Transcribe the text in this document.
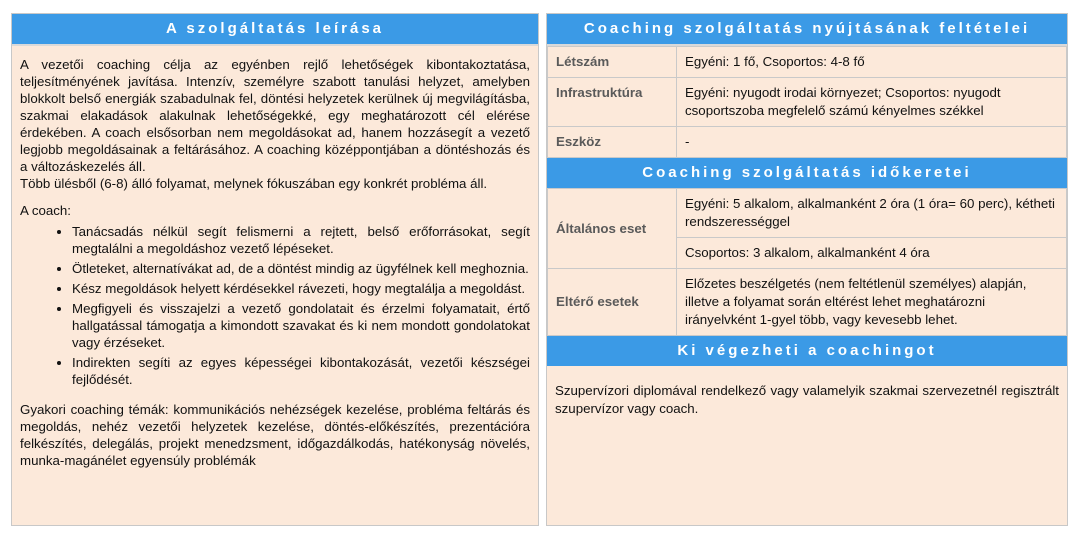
A szolgáltatás leírása

A vezetői coaching célja az egyénben rejlő lehetőségek kibontakoztatása, teljesítményének javítása. Intenzív, személyre szabott tanulási helyzet, amelyben blokkolt belső energiák szabadulnak fel, döntési helyzetek kerülnek új megvilágításba, szakmai elakadások alakulnak lehetőségekké, egy meghatározott cél elérése érdekében. A coach elsősorban nem megoldásokat ad, hanem hozzásegít a vezető legjobb megoldásainak a feltárásához. A coaching középpontjában a döntéshozás és a változáskezelés áll.

Több ülésből (6-8) álló folyamat, melynek fókuszában egy konkrét probléma áll.

A coach:

• Tanácsadás nélkül segít felismerni a rejtett, belső erőforrásokat, segít megtalálni a megoldáshoz vezető lépéseket.
• Ötleteket, alternatívákat ad, de a döntést mindig az ügyfélnek kell meghoznia.
• Kész megoldások helyett kérdésekkel rávezeti, hogy megtalálja a megoldást.
• Megfigyeli és visszajelzi a vezető gondolatait és érzelmi folyamatait, értő hallgatással támogatja a kimondott szavakat és ki nem mondott gondolatokat vagy érzéseket.
• Indirekten segíti az egyes képességei kibontakozását, vezetői készségei fejlődését.

Gyakori coaching témák: kommunikációs nehézségek kezelése, probléma feltárás és megoldás, nehéz vezetői helyzetek kezelése, döntés-előkészítés, prezentációra felkészítés, delegálás, projekt menedzsment, időgazdálkodás, hatékonyság növelés, munka-magánélet egyensúly problémák

Coaching szolgáltatás nyújtásának feltételei
Létszám	Egyéni: 1 fő, Csoportos: 4-8 fő
Infrastruktúra	Egyéni: nyugodt irodai környezet; Csoportos: nyugodt csoportszoba megfelelő számú kényelmes székkel
Eszköz	-
Coaching szolgáltatás időkeretei
Általános eset	Egyéni: 5 alkalom, alkalmanként 2 óra (1 óra= 60 perc), kétheti rendszerességgel
	Csoportos: 3 alkalom, alkalmanként 4 óra
Eltérő esetek	Előzetes beszélgetés (nem feltétlenül személyes) alapján, illetve a folyamat során eltérést lehet meghatározni irányelvként 1-gyel több, vagy kevesebb lehet.
Ki végezheti a coachingot
Szupervízori diplomával rendelkező vagy valamelyik szakmai szervezetnél regisztrált szupervízor vagy coach.
